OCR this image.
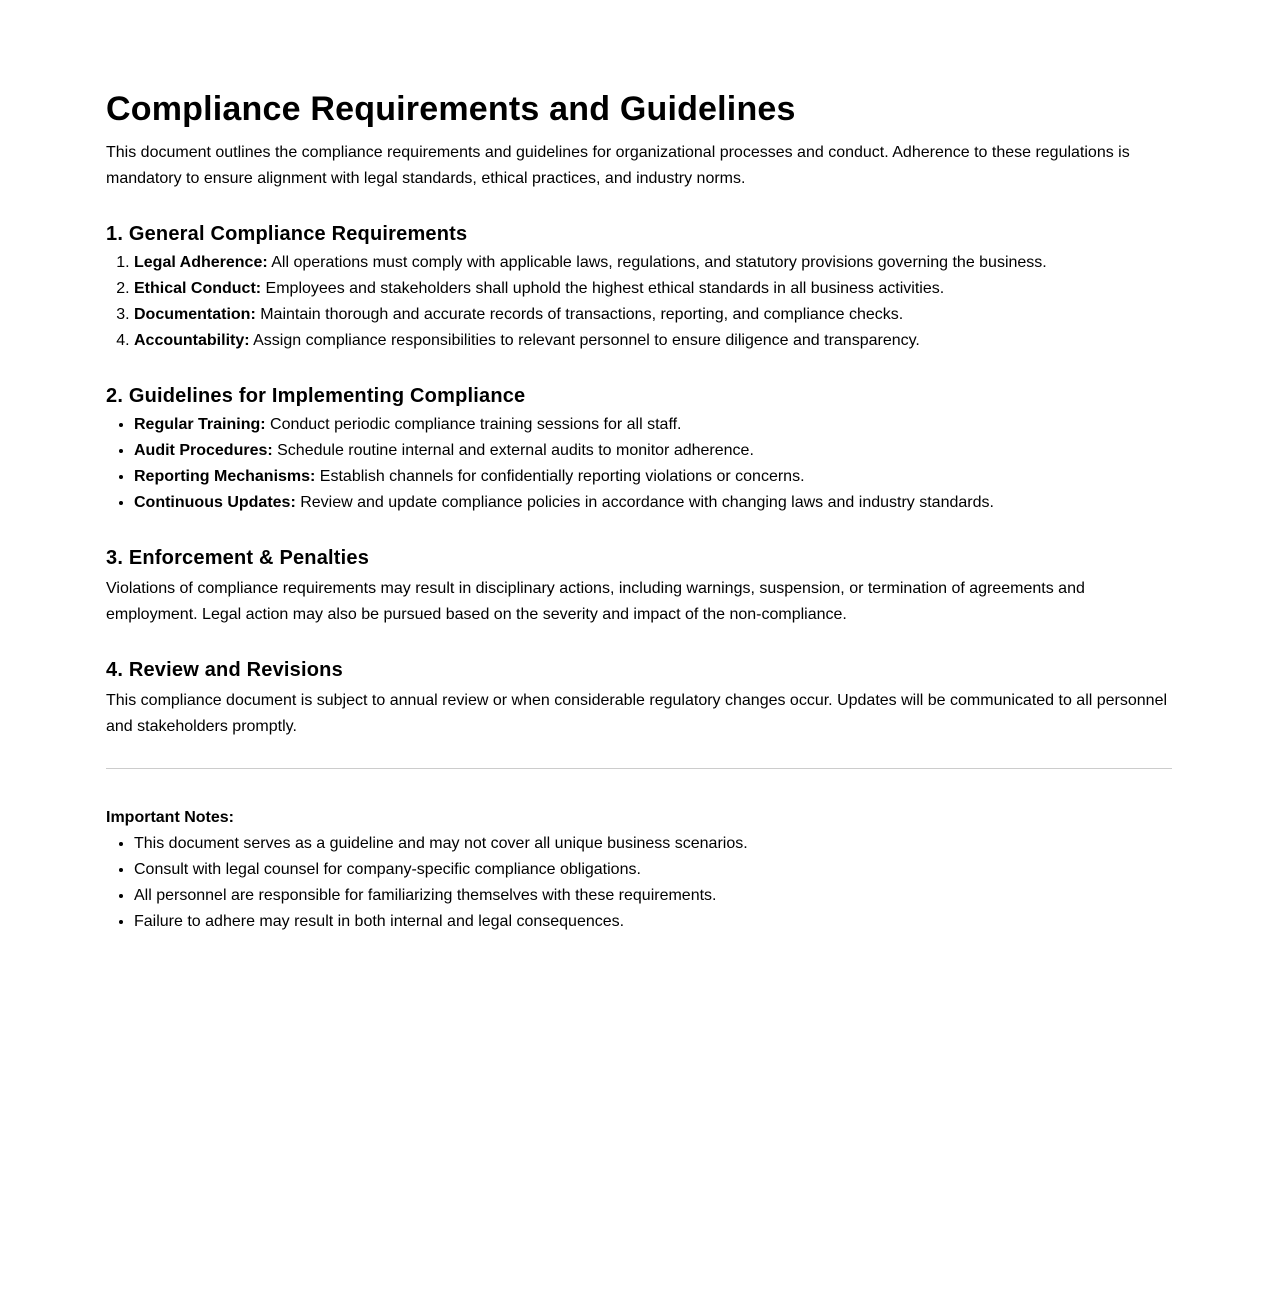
Compliance Requirements and Guidelines

This document outlines the compliance requirements and guidelines for organizational processes and conduct. Adherence to these regulations is mandatory to ensure alignment with legal standards, ethical practices, and industry norms.

1. General Compliance Requirements
1. Legal Adherence: All operations must comply with applicable laws, regulations, and statutory provisions governing the business.
2. Ethical Conduct: Employees and stakeholders shall uphold the highest ethical standards in all business activities.
3. Documentation: Maintain thorough and accurate records of transactions, reporting, and compliance checks.
4. Accountability: Assign compliance responsibilities to relevant personnel to ensure diligence and transparency.
2. Guidelines for Implementing Compliance
• Regular Training: Conduct periodic compliance training sessions for all staff.
• Audit Procedures: Schedule routine internal and external audits to monitor adherence.
• Reporting Mechanisms: Establish channels for confidentially reporting violations or concerns.
• Continuous Updates: Review and update compliance policies in accordance with changing laws and industry standards.
3. Enforcement & Penalties

Violations of compliance requirements may result in disciplinary actions, including warnings, suspension, or termination of agreements and employment. Legal action may also be pursued based on the severity and impact of the non-compliance.

4. Review and Revisions

This compliance document is subject to annual review or when considerable regulatory changes occur. Updates will be communicated to all personnel and stakeholders promptly.

Important Notes:

• This document serves as a guideline and may not cover all unique business scenarios.
• Consult with legal counsel for company-specific compliance obligations.
• All personnel are responsible for familiarizing themselves with these requirements.
• Failure to adhere may result in both internal and legal consequences.
